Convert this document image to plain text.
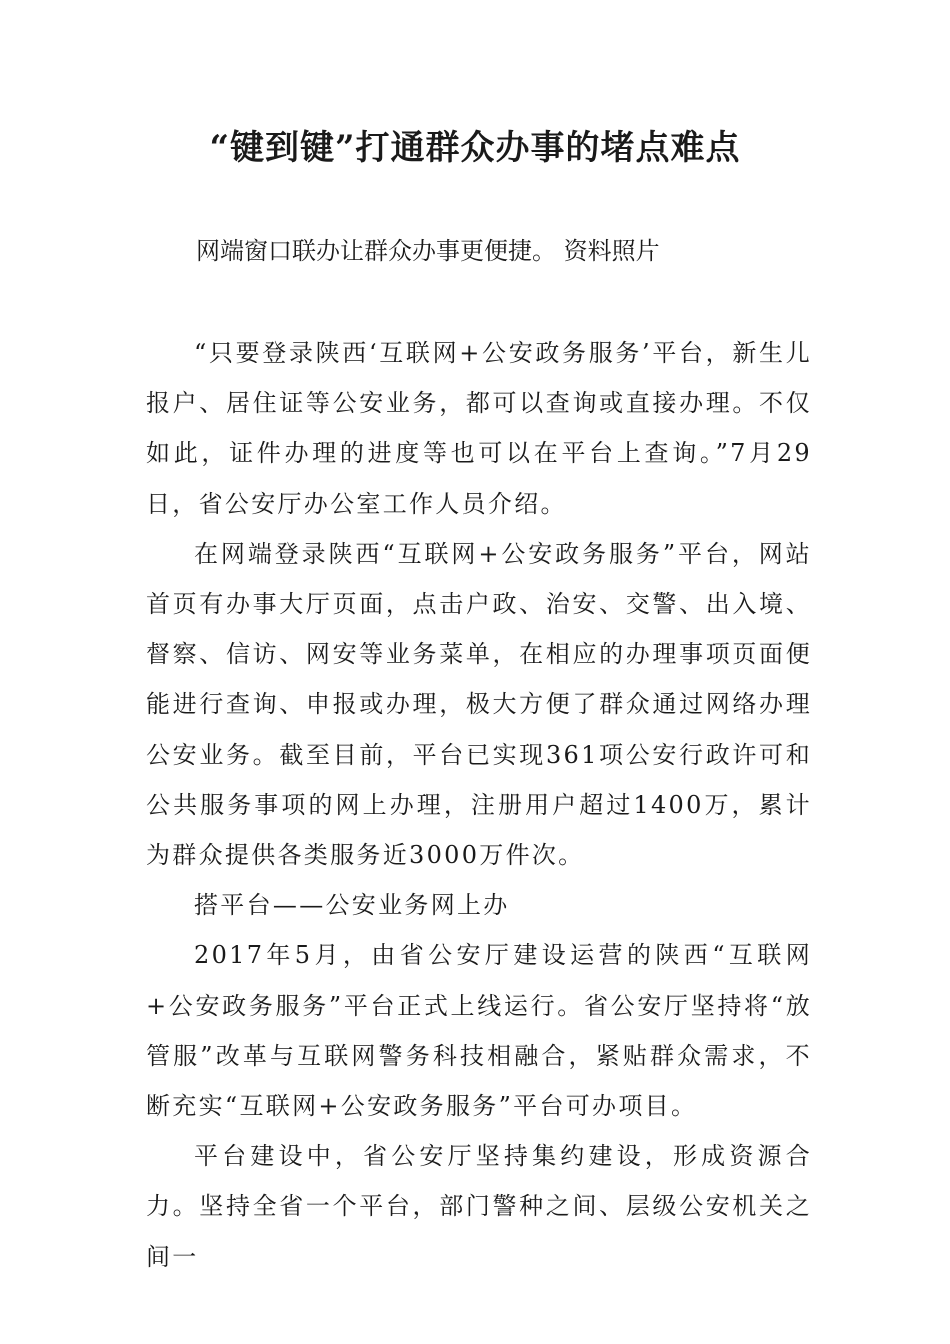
“键到键”打通群众办事的堵点难点

网端窗口联办让群众办事更便捷。 资料照片

“只要登录陕西‘互联网+公安政务服务’平台，新生儿报户、居住证等公安业务，都可以查询或直接办理。不仅如此，证件办理的进度等也可以在平台上查询。”7月29日，省公安厅办公室工作人员介绍。

在网端登录陕西“互联网+公安政务服务”平台，网站首页有办事大厅页面，点击户政、治安、交警、出入境、督察、信访、网安等业务菜单，在相应的办理事项页面便能进行查询、申报或办理，极大方便了群众通过网络办理公安业务。截至目前，平台已实现361项公安行政许可和公共服务事项的网上办理，注册用户超过1400万，累计为群众提供各类服务近3000万件次。

搭平台——公安业务网上办

2017年5月，由省公安厅建设运营的陕西“互联网+公安政务服务”平台正式上线运行。省公安厅坚持将“放管服”改革与互联网警务科技相融合，紧贴群众需求，不断充实“互联网+公安政务服务”平台可办项目。

平台建设中，省公安厅坚持集约建设，形成资源合力。坚持全省一个平台，部门警种之间、层级公安机关之间一
